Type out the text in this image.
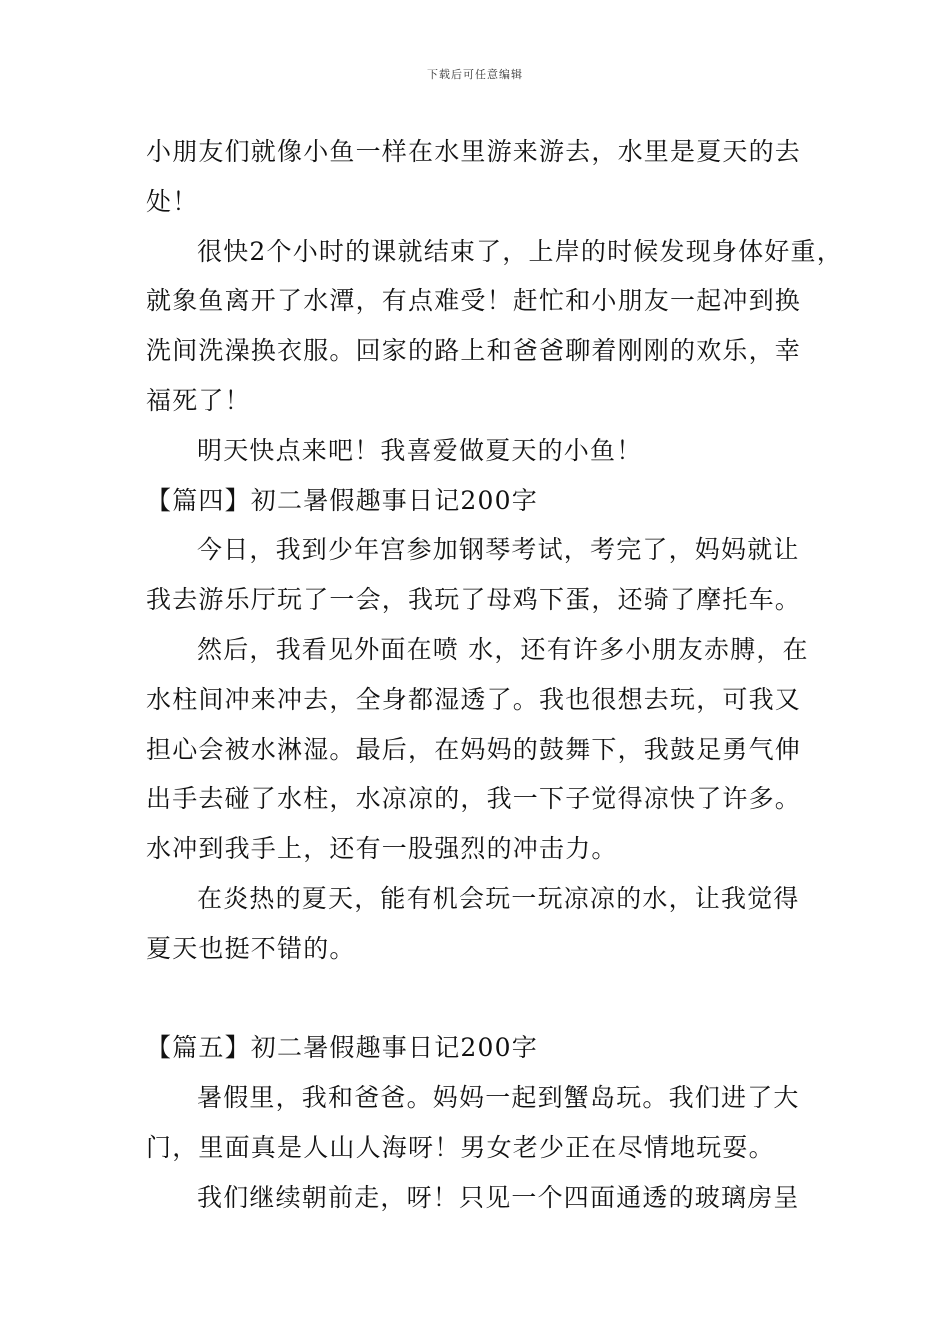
下载后可任意编辑
小朋友们就像小鱼一样在水里游来游去，水里是夏天的去
处！
很快2个小时的课就结束了，上岸的时候发现身体好重，
就象鱼离开了水潭，有点难受！赶忙和小朋友一起冲到换
洗间洗澡换衣服。回家的路上和爸爸聊着刚刚的欢乐，幸
福死了！
明天快点来吧！我喜爱做夏天的小鱼！
【篇四】初二暑假趣事日记200字
今日，我到少年宫参加钢琴考试，考完了，妈妈就让
我去游乐厅玩了一会，我玩了母鸡下蛋，还骑了摩托车。
然后，我看见外面在喷 水，还有许多小朋友赤膊，在
水柱间冲来冲去，全身都湿透了。我也很想去玩，可我又
担心会被水淋湿。最后，在妈妈的鼓舞下，我鼓足勇气伸
出手去碰了水柱，水凉凉的，我一下子觉得凉快了许多。
水冲到我手上，还有一股强烈的冲击力。
在炎热的夏天，能有机会玩一玩凉凉的水，让我觉得
夏天也挺不错的。
【篇五】初二暑假趣事日记200字
暑假里，我和爸爸。妈妈一起到蟹岛玩。我们进了大
门，里面真是人山人海呀！男女老少正在尽情地玩耍。
我们继续朝前走，呀！只见一个四面通透的玻璃房呈
